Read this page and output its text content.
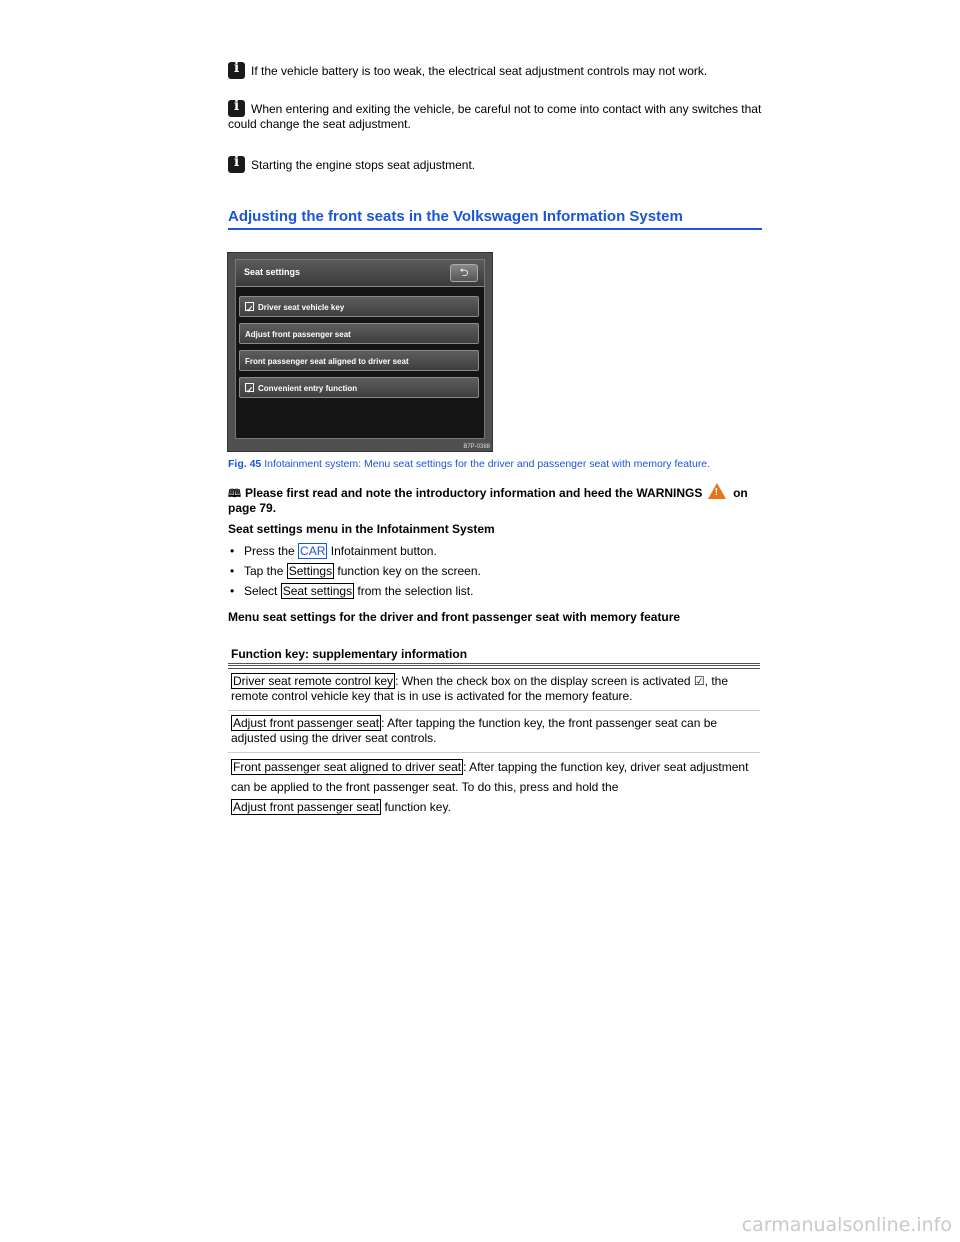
iIf the vehicle battery is too weak, the electrical seat adjustment controls may not work.
iWhen entering and exiting the vehicle, be careful not to come into contact with any switches that could change the seat adjustment.
iStarting the engine stops seat adjustment.
Adjusting the front seats in the Volkswagen Information System
Seat settings	⮌
✓Driver seat vehicle key
Adjust front passenger seat
Front passenger seat aligned to driver seat
✓Convenient entry function
B7P-0388
Fig. 45 Infotainment system: Menu seat settings for the driver and passenger seat with memory feature.
🕮 Please first read and note the introductory information and heed the WARNINGS !	on page 79.
Seat settings menu in the Infotainment System
• Press the CAR Infotainment button.
• Tap the Settings function key on the screen.
• Select Seat settings from the selection list.
Menu seat settings for the driver and front passenger seat with memory feature
Function key: supplementary information
Driver seat remote control key : When the check box on the display screen is activated ☑, the remote control vehicle key that is in use is activated for the memory feature.
Adjust front passenger seat : After tapping the function key, the front passenger seat can be adjusted using the driver seat controls.
Front passenger seat aligned to driver seat : After tapping the function key, driver seat adjustment can be applied to the front passenger seat. To do this, press and hold the Adjust front passenger seat function key.
carmanualsonline.info
